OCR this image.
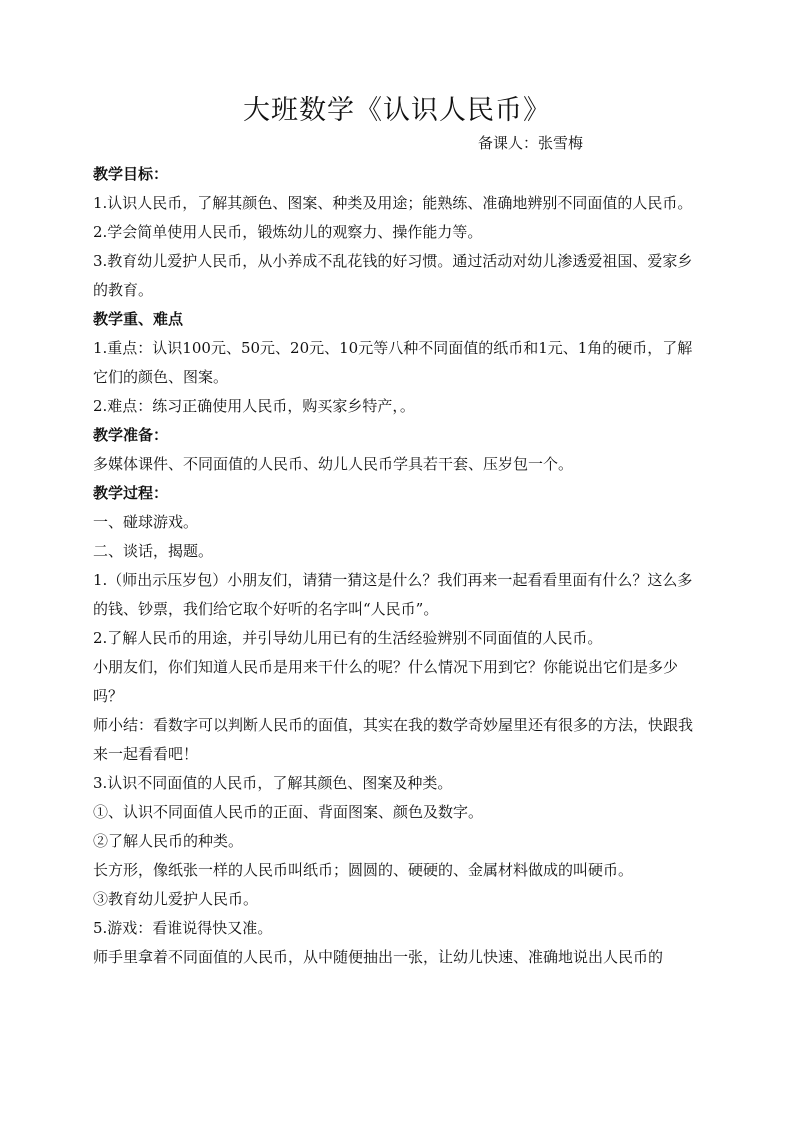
大班数学《认识人民币》
备课人：张雪梅

教学目标：

1.认识人民币，了解其颜色、图案、种类及用途；能熟练、准确地辨别不同面值的人民币。

2.学会简单使用人民币，锻炼幼儿的观察力、操作能力等。

3.教育幼儿爱护人民币，从小养成不乱花钱的好习惯。通过活动对幼儿渗透爱祖国、爱家乡的教育。

教学重、难点

1.重点：认识100元、50元、20元、10元等八种不同面值的纸币和1元、1角的硬币，了解它们的颜色、图案。

2.难点：练习正确使用人民币，购买家乡特产，。

教学准备：

多媒体课件、不同面值的人民币、幼儿人民币学具若干套、压岁包一个。

教学过程：

一、碰球游戏。

二、谈话，揭题。

1.（师出示压岁包）小朋友们，请猜一猜这是什么？我们再来一起看看里面有什么？这么多的钱、钞票，我们给它取个好听的名字叫“人民币”。

2.了解人民币的用途，并引导幼儿用已有的生活经验辨别不同面值的人民币。

小朋友们，你们知道人民币是用来干什么的呢？什么情况下用到它？你能说出它们是多少吗？

师小结：看数字可以判断人民币的面值，其实在我的数学奇妙屋里还有很多的方法，快跟我来一起看看吧！

3.认识不同面值的人民币，了解其颜色、图案及种类。

①、认识不同面值人民币的正面、背面图案、颜色及数字。

②了解人民币的种类。

长方形，像纸张一样的人民币叫纸币；圆圆的、硬硬的、金属材料做成的叫硬币。

③教育幼儿爱护人民币。

5.游戏：看谁说得快又准。

师手里拿着不同面值的人民币，从中随便抽出一张，让幼儿快速、准确地说出人民币的
